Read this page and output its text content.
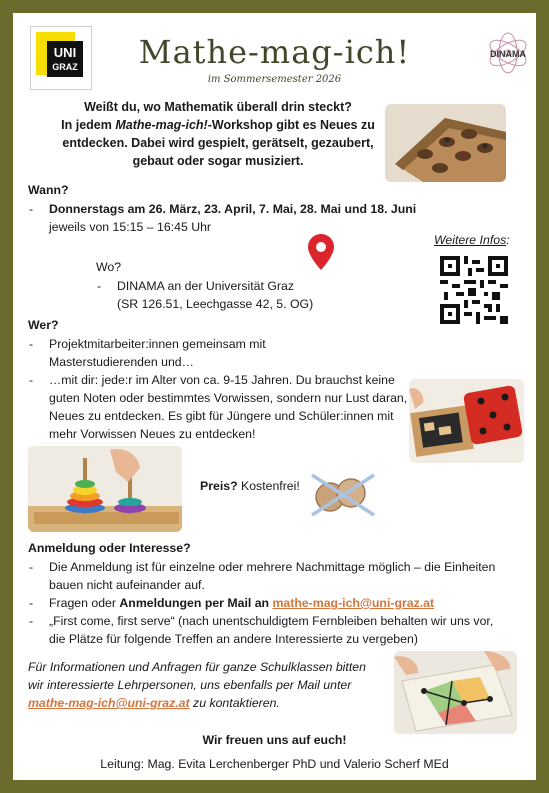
UNI
GRAZ	Mathe-mag-ich!
im Sommersemester 2026
DINAMA
Weißt du, wo Mathematik überall drin steckt?
In jedem Mathe-mag-ich!-Workshop gibt es Neues zu
entdecken. Dabei wird gespielt, gerätselt, gezaubert,
gebaut oder sogar musiziert.
Wann?
- Donnerstags am 26. März, 23. April, 7. Mai, 28. Mai und 18. Juni
jeweils von 15:15 – 16:45 Uhr
Weitere Infos:
Wo?
- DINAMA an der Universität Graz
(SR 126.51, Leechgasse 42, 5. OG)
Wer?
- Projektmitarbeiter:innen gemeinsam mit Masterstudierenden und…
- …mit dir: jede:r im Alter von ca. 9-15 Jahren. Du brauchst keine guten Noten oder bestimmtes Vorwissen, sondern nur Lust daran, Neues zu entdecken. Es gibt für Jüngere und Schüler:innen mit mehr Vorwissen Neues zu entdecken!
Preis? Kostenfrei!
Anmeldung oder Interesse?
- Die Anmeldung ist für einzelne oder mehrere Nachmittage möglich – die Einheiten bauen nicht aufeinander auf.
- Fragen oder Anmeldungen per Mail an mathe-mag-ich@uni-graz.at
- „First come, first serve“ (nach unentschuldigtem Fernbleiben behalten wir uns vor, die Plätze für folgende Treffen an andere Interessierte zu vergeben)
Für Informationen und Anfragen für ganze Schulklassen bitten
wir interessierte Lehrpersonen, uns ebenfalls per Mail unter
mathe-mag-ich@uni-graz.at zu kontaktieren.
Wir freuen uns auf euch!
Leitung: Mag. Evita Lerchenberger PhD und Valerio Scherf MEd
